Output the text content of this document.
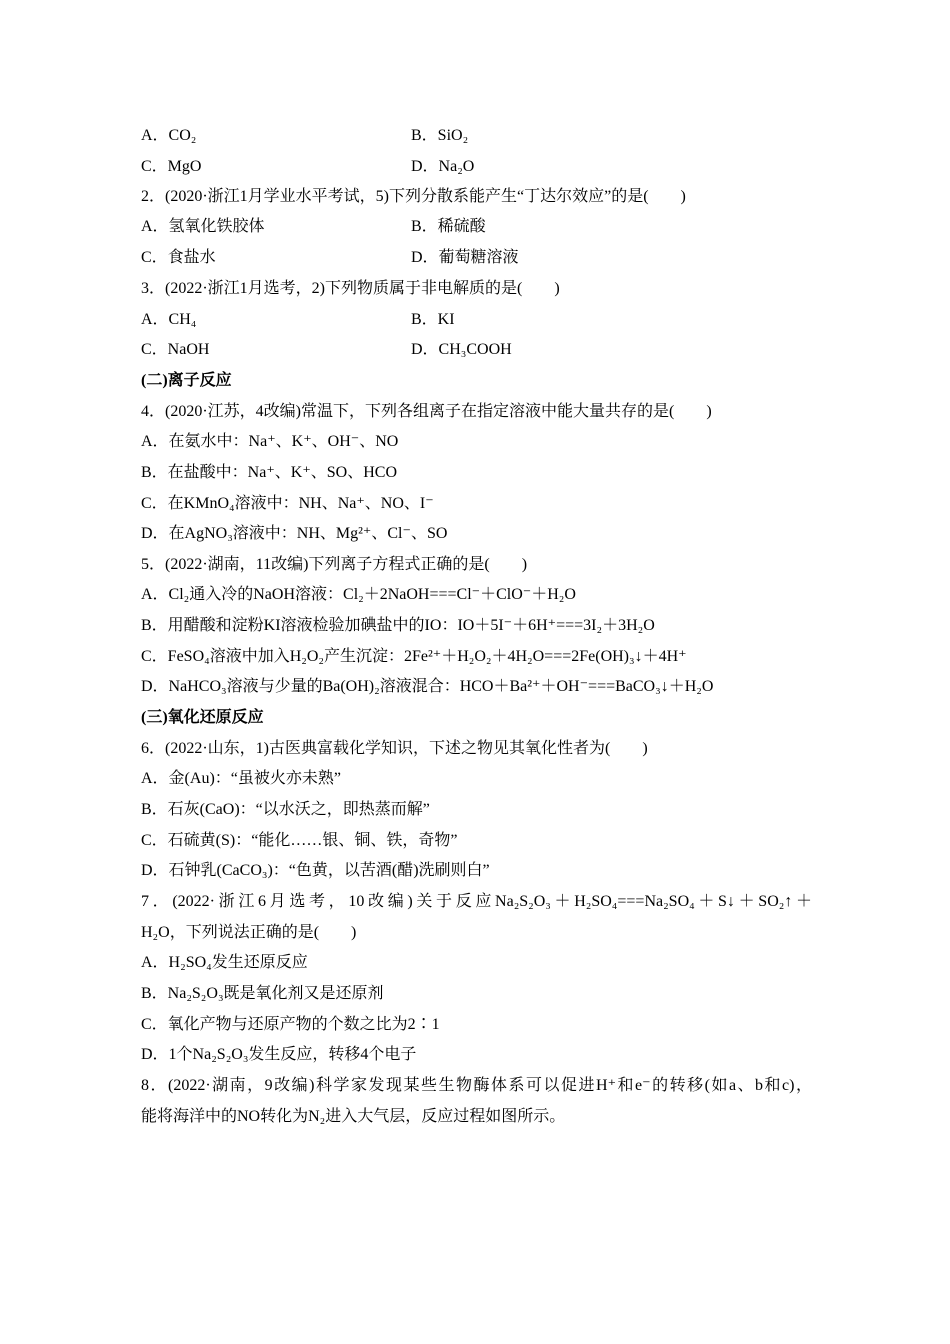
A．CO₂	B．SiO₂
C．MgO	D．Na₂O
2．(2020·浙江1月学业水平考试，5)下列分散系能产生“丁达尔效应”的是(　　)
A．氢氧化铁胶体	B．稀硫酸
C．食盐水	D．葡萄糖溶液
3．(2022·浙江1月选考，2)下列物质属于非电解质的是(　　)
A．CH₄	B．KI
C．NaOH	D．CH₃COOH
(二)离子反应
4．(2020·江苏，4改编)常温下，下列各组离子在指定溶液中能大量共存的是(　　)
A．在氨水中：Na⁺、K⁺、OH⁻、NO
B．在盐酸中：Na⁺、K⁺、SO、HCO
C．在KMnO₄溶液中：NH、Na⁺、NO、I⁻
D．在AgNO₃溶液中：NH、Mg²⁺、Cl⁻、SO
5．(2022·湖南，11改编)下列离子方程式正确的是(　　)
A．Cl₂通入冷的NaOH溶液：Cl₂＋2NaOH===Cl⁻＋ClO⁻＋H₂O
B．用醋酸和淀粉KI溶液检验加碘盐中的IO：IO＋5I⁻＋6H⁺===3I₂＋3H₂O
C．FeSO₄溶液中加入H₂O₂产生沉淀：2Fe²⁺＋H₂O₂＋4H₂O===2Fe(OH)₃↓＋4H⁺
D．NaHCO₃溶液与少量的Ba(OH)₂溶液混合：HCO＋Ba²⁺＋OH⁻===BaCO₃↓＋H₂O
(三)氧化还原反应
6．(2022·山东，1)古医典富载化学知识，下述之物见其氧化性者为(　　)
A．金(Au)：“虽被火亦未熟”
B．石灰(CaO)：“以水沃之，即热蒸而解”
C．石硫黄(S)：“能化……银、铜、铁，奇物”
D．石钟乳(CaCO₃)：“色黄，以苦酒(醋)洗刷则白”
7．(2022·浙江6月选考，10改编)关于反应Na₂S₂O₃＋H₂SO₄===Na₂SO₄＋S↓＋SO₂↑＋
H₂O，下列说法正确的是(　　)
A．H₂SO₄发生还原反应
B．Na₂S₂O₃既是氧化剂又是还原剂
C．氧化产物与还原产物的个数之比为2∶1
D．1个Na₂S₂O₃发生反应，转移4个电子
8．(2022·湖南，9改编)科学家发现某些生物酶体系可以促进H⁺和e⁻的转移(如a、b和c)，
能将海洋中的NO转化为N₂进入大气层，反应过程如图所示。
